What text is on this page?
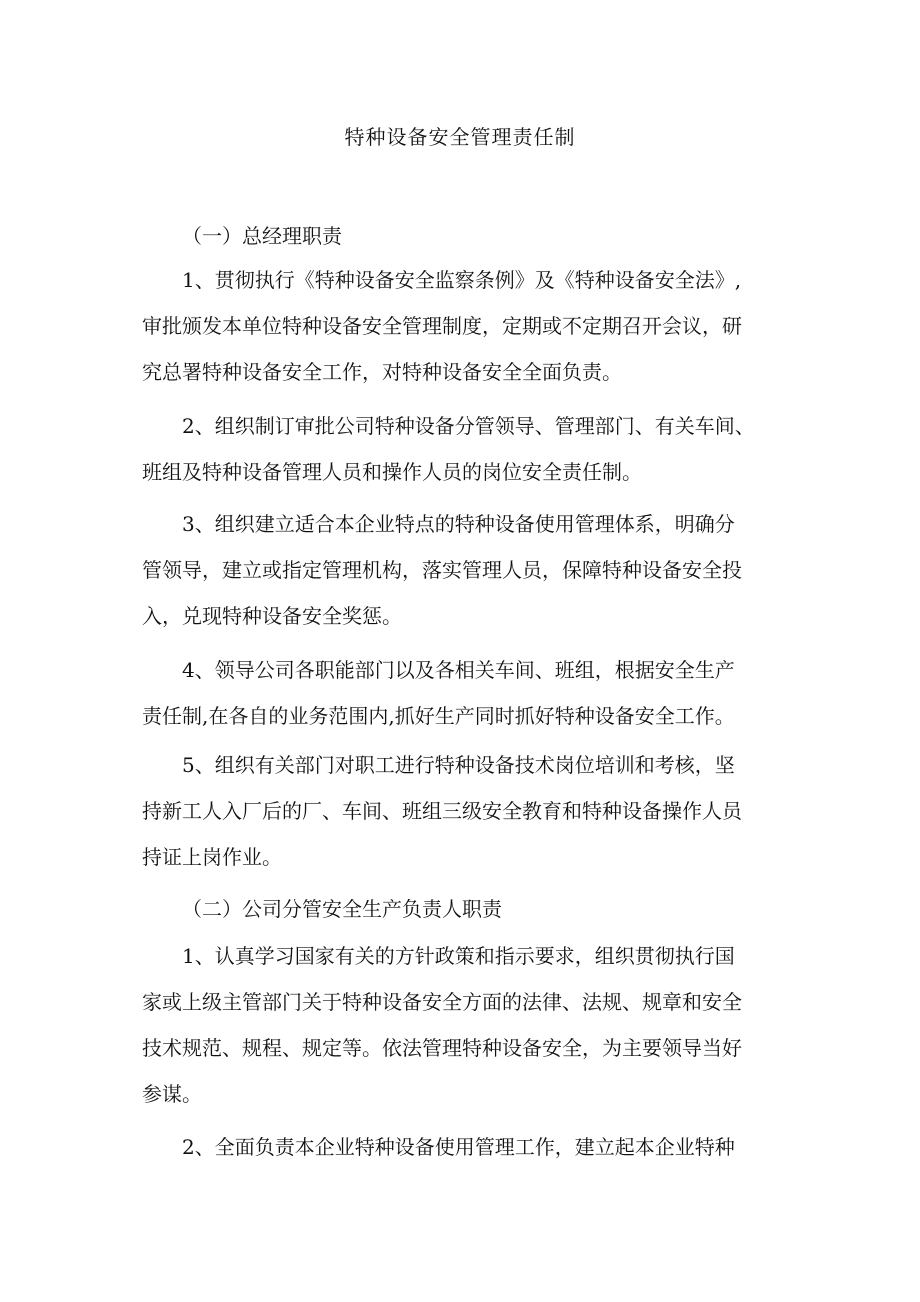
特种设备安全管理责任制
（一）总经理职责
1、贯彻执行《特种设备安全监察条例》及《特种设备安全法》,
审批颁发本单位特种设备安全管理制度，定期或不定期召开会议，研
究总署特种设备安全工作，对特种设备安全全面负责。
2、组织制订审批公司特种设备分管领导、管理部门、有关车间、
班组及特种设备管理人员和操作人员的岗位安全责任制。
3、组织建立适合本企业特点的特种设备使用管理体系，明确分
管领导，建立或指定管理机构，落实管理人员，保障特种设备安全投
入，兑现特种设备安全奖惩。
4、领导公司各职能部门以及各相关车间、班组，根据安全生产
责任制,在各自的业务范围内,抓好生产同时抓好特种设备安全工作。
5、组织有关部门对职工进行特种设备技术岗位培训和考核，坚
持新工人入厂后的厂、车间、班组三级安全教育和特种设备操作人员
持证上岗作业。
（二）公司分管安全生产负责人职责
1、认真学习国家有关的方针政策和指示要求，组织贯彻执行国
家或上级主管部门关于特种设备安全方面的法律、法规、规章和安全
技术规范、规程、规定等。依法管理特种设备安全，为主要领导当好
参谋。
2、全面负责本企业特种设备使用管理工作，建立起本企业特种
